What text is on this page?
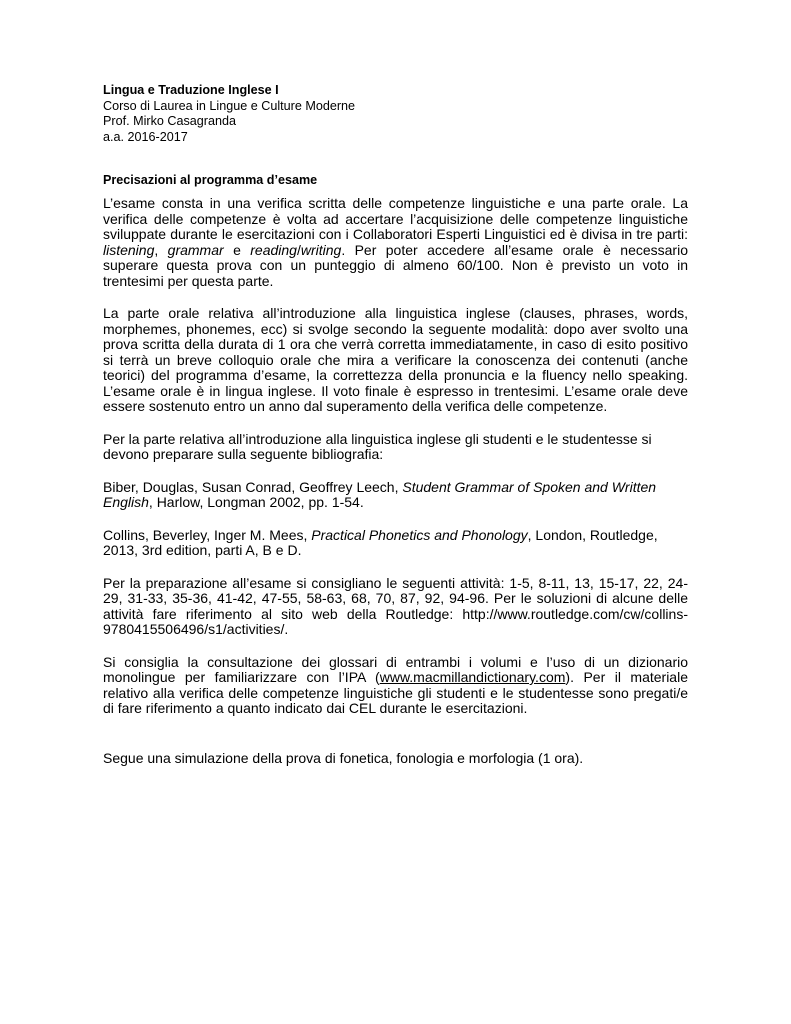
Lingua e Traduzione Inglese I
Corso di Laurea in Lingue e Culture Moderne
Prof. Mirko Casagranda
a.a. 2016-2017
Precisazioni al programma d’esame

L’esame consta in una verifica scritta delle competenze linguistiche e una parte orale. La verifica delle competenze è volta ad accertare l’acquisizione delle competenze linguistiche sviluppate durante le esercitazioni con i Collaboratori Esperti Linguistici ed è divisa in tre parti: listening, grammar e reading/writing. Per poter accedere all’esame orale è necessario superare questa prova con un punteggio di almeno 60/100. Non è previsto un voto in trentesimi per questa parte.

La parte orale relativa all’introduzione alla linguistica inglese (clauses, phrases, words, morphemes, phonemes, ecc) si svolge secondo la seguente modalità: dopo aver svolto una prova scritta della durata di 1 ora che verrà corretta immediatamente, in caso di esito positivo si terrà un breve colloquio orale che mira a verificare la conoscenza dei contenuti (anche teorici) del programma d’esame, la correttezza della pronuncia e la fluency nello speaking. L’esame orale è in lingua inglese. Il voto finale è espresso in trentesimi. L’esame orale deve essere sostenuto entro un anno dal superamento della verifica delle competenze.

Per la parte relativa all’introduzione alla linguistica inglese gli studenti e le studentesse si devono preparare sulla seguente bibliografia:

Biber, Douglas, Susan Conrad, Geoffrey Leech, Student Grammar of Spoken and Written English, Harlow, Longman 2002, pp. 1-54.

Collins, Beverley, Inger M. Mees, Practical Phonetics and Phonology, London, Routledge, 2013, 3rd edition, parti A, B e D.

Per la preparazione all’esame si consigliano le seguenti attività: 1-5, 8-11, 13, 15-17, 22, 24-29, 31-33, 35-36, 41-42, 47-55, 58-63, 68, 70, 87, 92, 94-96. Per le soluzioni di alcune delle attività fare riferimento al sito web della Routledge: http://www.routledge.com/cw/collins-9780415506496/s1/activities/.

Si consiglia la consultazione dei glossari di entrambi i volumi e l’uso di un dizionario monolingue per familiarizzare con l’IPA (www.macmillandictionary.com). Per il materiale relativo alla verifica delle competenze linguistiche gli studenti e le studentesse sono pregati/e di fare riferimento a quanto indicato dai CEL durante le esercitazioni.

Segue una simulazione della prova di fonetica, fonologia e morfologia (1 ora).
